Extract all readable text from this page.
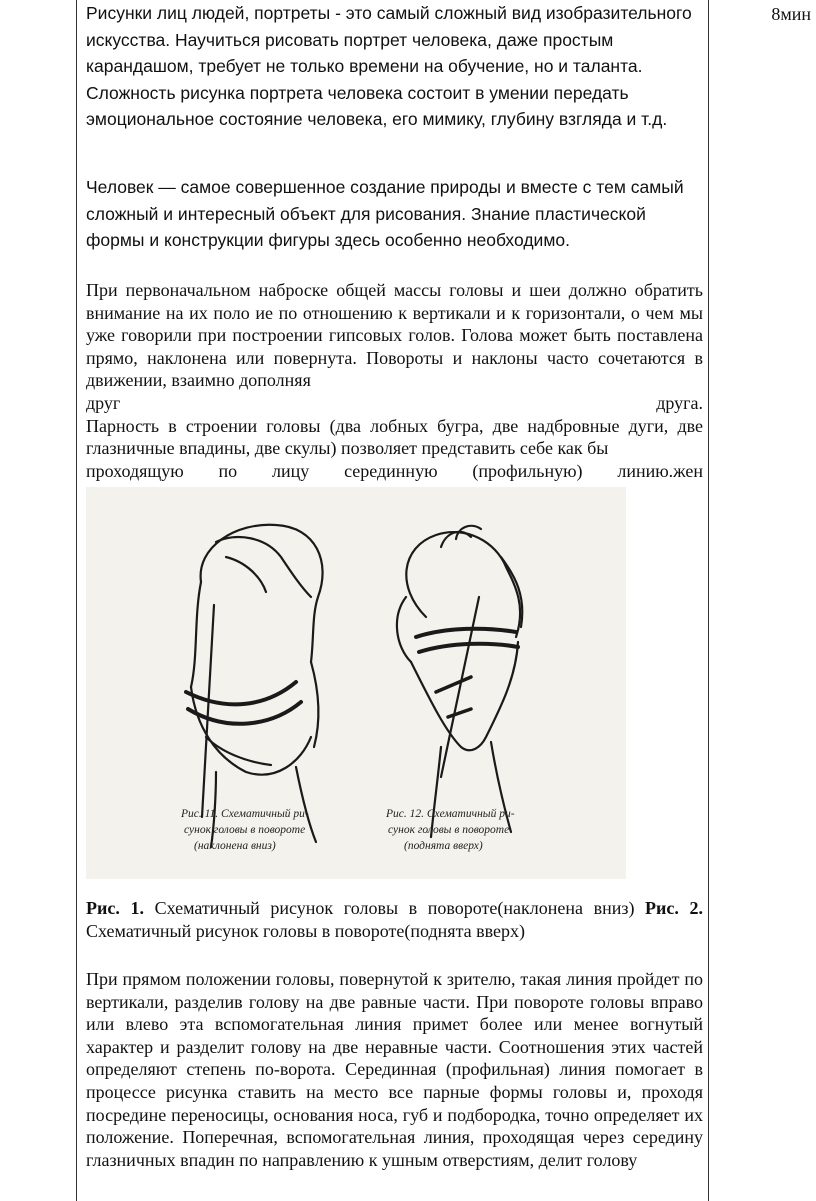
Рисунки лиц людей, портреты - это самый сложный вид изобразительного искусства. Научиться рисовать портрет человека, даже простым карандашом, требует не только времени на обучение, но и таланта. Сложность рисунка портрета человека состоит в умении передать эмоциональное состояние человека, его мимику, глубину взгляда и т.д.

Человек — самое совершенное создание природы и вместе с тем самый сложный и интересный объект для рисования. Знание пластической формы и конструкции фигуры здесь особенно необходимо.

При первоначальном наброске общей массы головы и шеи должно обратить внимание на их поло ие по отношению к вертикали и к горизонтали, о чем мы уже говорили при построении гипсовых голов. Голова может быть поставлена прямо, наклонена или повернута. Повороты и наклоны часто сочетаются в движении, взаимно дополняя
друг	друга.
Парность в строении головы (два лобных бугра, две надбровные дуги, две глазничные впадины, две скулы) позволяет представить себе как бы
проходящую по лицу серединную (профильную) линию.жен
Рис. 11. Схематичный ри-
сунок головы в повороте
(наклонена вниз)
Рис. 12. Схематичный ри-
сунок головы в повороте
(поднята вверх)

Рис. 1. Схематичный рисунок головы в повороте(наклонена вниз) Рис. 2. Схематичный рисунок головы в повороте(поднята вверх)

При прямом положении головы, повернутой к зрителю, такая линия пройдет по вертикали, разделив голову на две равные части. При повороте головы вправо или влево эта вспомогательная линия примет более или менее вогнутый характер и разделит голову на две неравные части. Соотношения этих частей определяют степень по-ворота. Серединная (профильная) линия помогает в процессе рисунка ставить на место все парные формы головы и, проходя посредине переносицы, основания носа, губ и подбородка, точно определяет их положение. Поперечная, вспомогательная линия, проходящая через середину глазничных впадин по направлению к ушным отверстиям, делит голову

8мин
